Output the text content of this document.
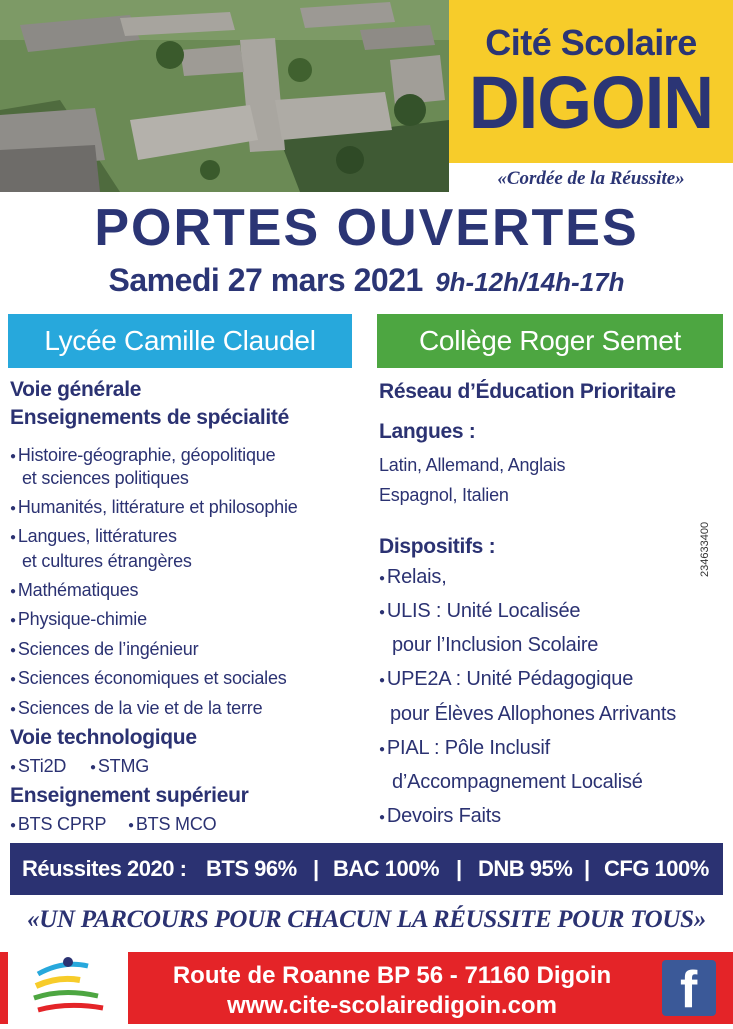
Cité Scolaire
DIGOIN
«Cordée de la Réussite»
PORTES OUVERTES
Samedi 27 mars 2021 9h-12h/14h-17h
Lycée Camille Claudel	Collège Roger Semet
Voie générale
Enseignements de spécialité
● Histoire-géographie, géopolitique
et sciences politiques
● Humanités, littérature et philosophie
● Langues, littératures
et cultures étrangères
● Mathématiques
● Physique-chimie
● Sciences de l’ingénieur
● Sciences économiques et sociales
● Sciences de la vie et de la terre
Voie technologique
● STi2D	● STMG
Enseignement supérieur
● BTS CPRP	● BTS MCO
Réseau d’Éducation Prioritaire
Langues :
Latin, Allemand, Anglais
Espagnol, Italien
Dispositifs :
● Relais,
● ULIS : Unité Localisée
pour l’Inclusion Scolaire
● UPE2A : Unité Pédagogique
pour Élèves Allophones Arrivants
● PIAL : Pôle Inclusif
d’Accompagnement Localisé
● Devoirs Faits
234633400
Réussites 2020 : BTS 96% | BAC 100% | DNB 95% | CFG 100%
«UN PARCOURS POUR CHACUN LA RÉUSSITE POUR TOUS»
Route de Roanne BP 56 - 71160 Digoin
www.cite-scolairedigoin.com	f
